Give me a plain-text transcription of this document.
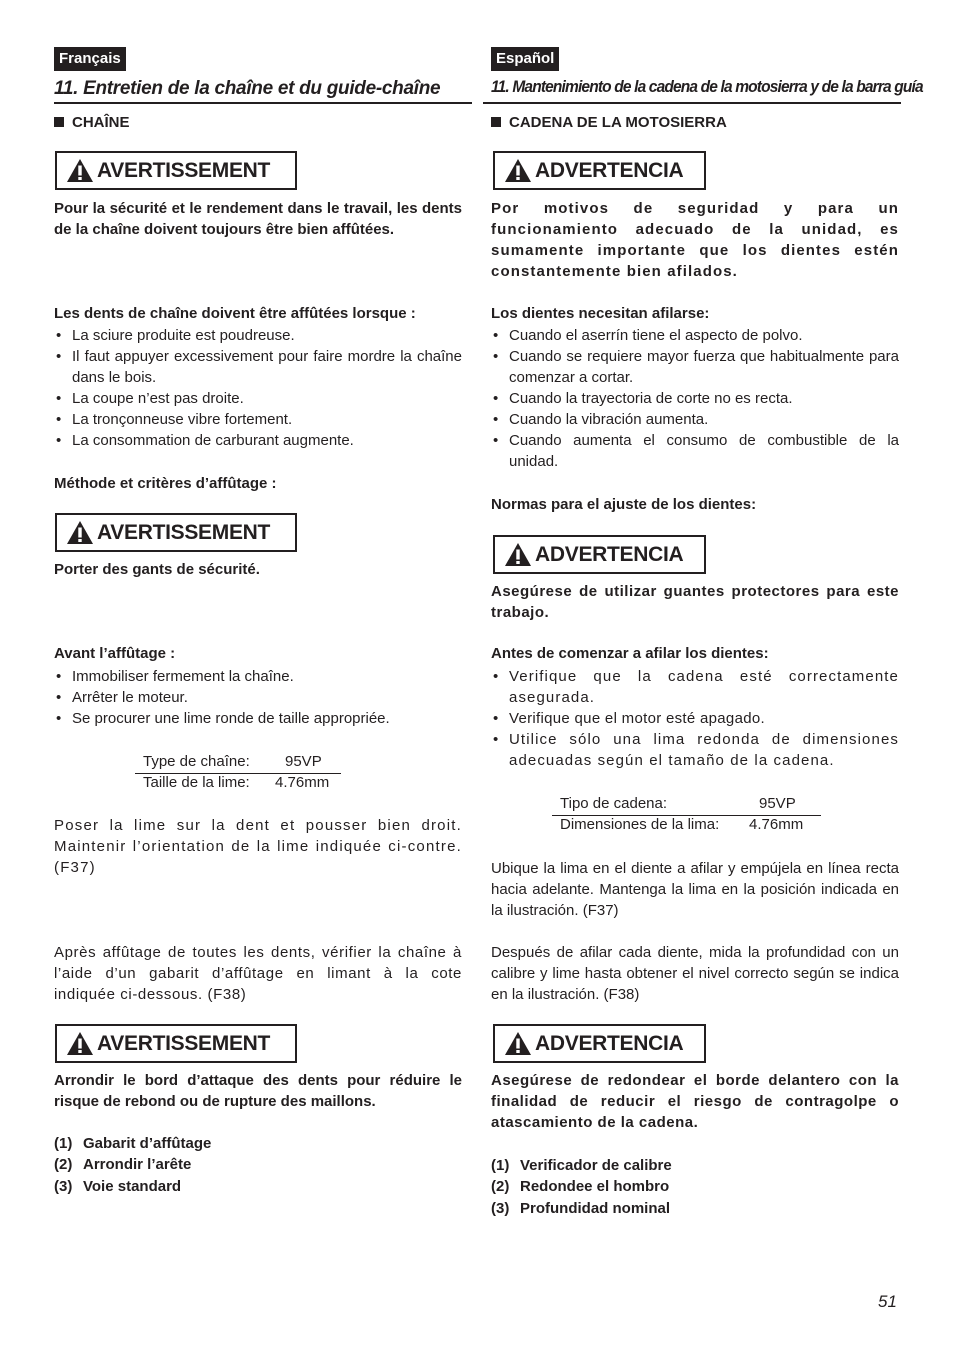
Français
11. Entretien de la chaîne et du guide-chaîne
CHAÎNE
AVERTISSEMENT

Pour la sécurité et le rendement dans le travail, les dents de la chaîne doivent toujours être bien affûtées.

Les dents de chaîne doivent être affûtées lorsque :
• La sciure produite est poudreuse.
• Il faut appuyer excessivement pour faire mordre la chaîne dans le bois.
• La coupe n’est pas droite.
• La tronçonneuse vibre fortement.
• La consommation de carburant augmente.
Méthode et critères d’affûtage :
AVERTISSEMENT

Porter des gants de sécurité.

Avant l’affûtage :
• Immobiliser fermement la chaîne.
• Arrêter le moteur.
• Se procurer une lime ronde de taille appropriée.
Type de chaîne: 95VP
Taille de la lime: 4.76mm

Poser la lime sur la dent et pousser bien droit. Maintenir l’orientation de la lime indiquée ci-contre. (F37)

Après affûtage de toutes les dents, vérifier la chaîne à l’aide d’un gabarit d’affûtage en limant à la cote indiquée ci-dessous. (F38)

AVERTISSEMENT

Arrondir le bord d’attaque des dents pour réduire le risque de rebond ou de rupture des maillons.

(1) Gabarit d’affûtage
(2) Arrondir l’arête
(3) Voie standard
Español
11. Mantenimiento de la cadena de la motosierra y de la barra guía
CADENA DE LA MOTOSIERRA
ADVERTENCIA

Por motivos de seguridad y para un funcionamiento adecuado de la unidad, es sumamente importante que los dientes estén constantemente bien afilados.

Los dientes necesitan afilarse:
• Cuando el aserrín tiene el aspecto de polvo.
• Cuando se requiere mayor fuerza que habitualmente para comenzar a cortar.
• Cuando la trayectoria de corte no es recta.
• Cuando la vibración aumenta.
• Cuando aumenta el consumo de combustible de la unidad.
Normas para el ajuste de los dientes:
ADVERTENCIA

Asegúrese de utilizar guantes protectores para este trabajo.

Antes de comenzar a afilar los dientes:
• Verifique que la cadena esté correctamente asegurada.
• Verifique que el motor esté apagado.
• Utilice sólo una lima redonda de dimensiones adecuadas según el tamaño de la cadena.
Tipo de cadena:	95VP
Dimensiones de la lima: 4.76mm

Ubique la lima en el diente a afilar y empújela en línea recta hacia adelante. Mantenga la lima en la posición indicada en la ilustración. (F37)

Después de afilar cada diente, mida la profundidad con un calibre y lime hasta obtener el nivel correcto según se indica en la ilustración. (F38)

ADVERTENCIA

Asegúrese de redondear el borde delantero con la finalidad de reducir el riesgo de contragolpe o atascamiento de la cadena.

(1) Verificador de calibre
(2) Redondee el hombro
(3) Profundidad nominal
51
